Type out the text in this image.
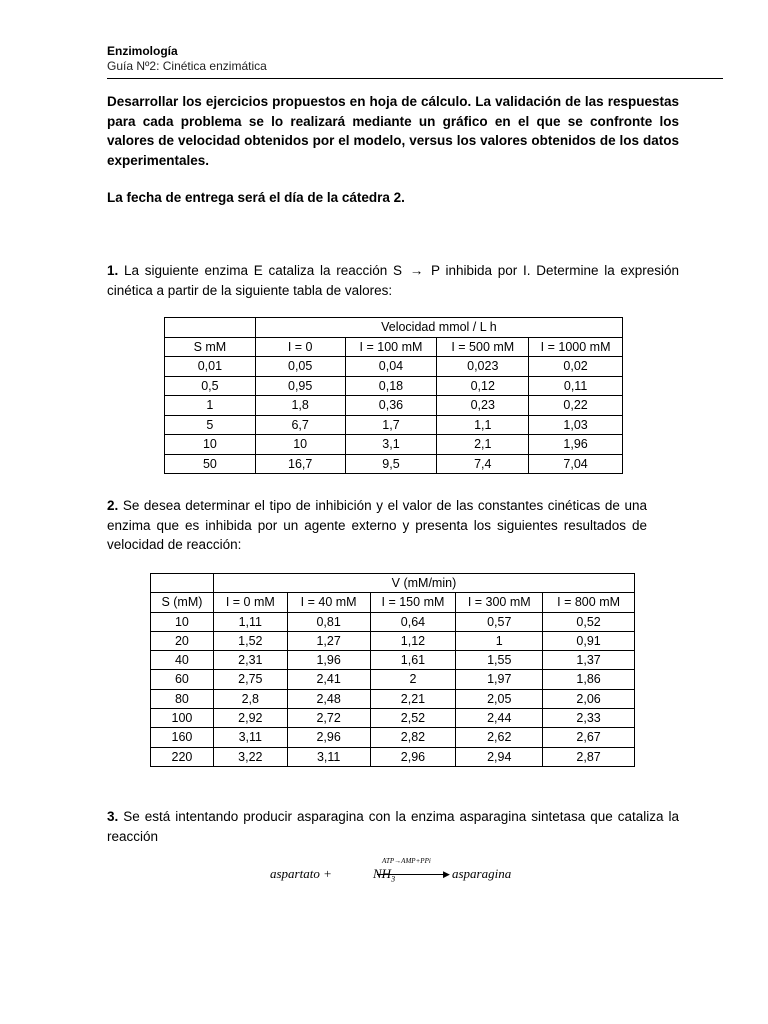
Enzimología
Guía Nº2: Cinética enzimática
Desarrollar los ejercicios propuestos en hoja de cálculo. La validación de las respuestas para cada problema se lo realizará mediante un gráfico en el que se confronte los valores de velocidad obtenidos por el modelo, versus los valores obtenidos de los datos experimentales.
La fecha de entrega será el día de la cátedra 2.
1. La siguiente enzima E cataliza la reacción S → P inhibida por I. Determine la expresión cinética a partir de la siguiente tabla de valores:
	Velocidad mmol / L h			
S mM	I = 0	I = 100 mM	I = 500 mM	I = 1000 mM
0,01	0,05	0,04	0,023	0,02
0,5	0,95	0,18	0,12	0,11
1	1,8	0,36	0,23	0,22
5	6,7	1,7	1,1	1,03
10	10	3,1	2,1	1,96
50	16,7	9,5	7,4	7,04
2. Se desea determinar el tipo de inhibición y el valor de las constantes cinéticas de una enzima que es inhibida por un agente externo y presenta los siguientes resultados de velocidad de reacción:
	V (mM/min)				
S (mM)	I = 0 mM	I = 40 mM	I = 150 mM	I = 300 mM	I = 800 mM
10	1,11	0,81	0,64	0,57	0,52
20	1,52	1,27	1,12	1	0,91
40	2,31	1,96	1,61	1,55	1,37
60	2,75	2,41	2	1,97	1,86
80	2,8	2,48	2,21	2,05	2,06
100	2,92	2,72	2,52	2,44	2,33
160	3,11	2,96	2,82	2,62	2,67
220	3,22	3,11	2,96	2,94	2,87
3. Se está intentando producir asparagina con la enzima asparagina sintetasa que cataliza la reacción
aspartato +	$NH_3$
ATP→AMP+PPi
▶ asparagina
